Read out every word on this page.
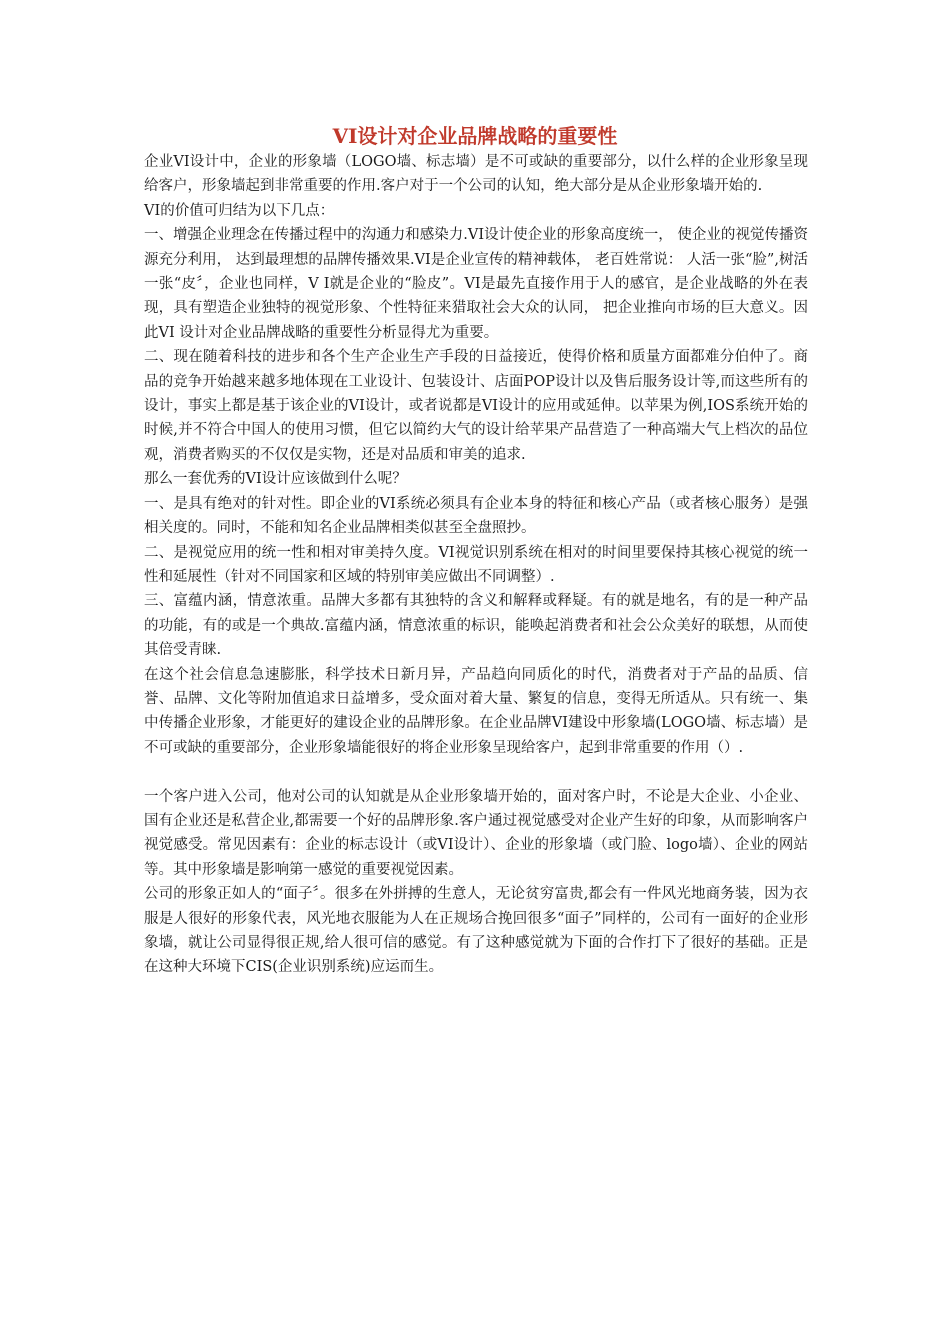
VI设计对企业品牌战略的重要性

企业VI设计中，企业的形象墙（LOGO墙、标志墙）是不可或缺的重要部分，以什么样的企业形象呈现给客户，形象墙起到非常重要的作用.客户对于一个公司的认知，绝大部分是从企业形象墙开始的.

VI的价值可归结为以下几点：

一、增强企业理念在传播过程中的沟通力和感染力.VI设计使企业的形象高度统一， 使企业的视觉传播资源充分利用， 达到最理想的品牌传播效果.VI是企业宣传的精神载体， 老百姓常说： 人活一张“脸”,树活一张“皮〞，企业也同样，V I就是企业的“脸皮”。VI是最先直接作用于人的感官，是企业战略的外在表现，具有塑造企业独特的视觉形象、个性特征来猎取社会大众的认同， 把企业推向市场的巨大意义。因此VI 设计对企业品牌战略的重要性分析显得尤为重要。

二、现在随着科技的进步和各个生产企业生产手段的日益接近，使得价格和质量方面都难分伯仲了。商品的竞争开始越来越多地体现在工业设计、包装设计、店面POP设计以及售后服务设计等,而这些所有的设计，事实上都是基于该企业的VI设计，或者说都是VI设计的应用或延伸。以苹果为例,IOS系统开始的时候,并不符合中国人的使用习惯，但它以简约大气的设计给苹果产品营造了一种高端大气上档次的品位观，消费者购买的不仅仅是实物，还是对品质和审美的追求.

那么一套优秀的VI设计应该做到什么呢？

一、是具有绝对的针对性。即企业的VI系统必须具有企业本身的特征和核心产品（或者核心服务）是强相关度的。同时，不能和知名企业品牌相类似甚至全盘照抄。

二、是视觉应用的统一性和相对审美持久度。VI视觉识别系统在相对的时间里要保持其核心视觉的统一性和延展性（针对不同国家和区域的特别审美应做出不同调整）.

三、富蕴内涵，情意浓重。品牌大多都有其独特的含义和解释或释疑。有的就是地名，有的是一种产品的功能，有的或是一个典故.富蕴内涵，情意浓重的标识，能唤起消费者和社会公众美好的联想，从而使其倍受青睐.

在这个社会信息急速膨胀，科学技术日新月异，产品趋向同质化的时代，消费者对于产品的品质、信誉、品牌、文化等附加值追求日益增多，受众面对着大量、繁复的信息，变得无所适从。只有统一、集中传播企业形象，才能更好的建设企业的品牌形象。在企业品牌VI建设中形象墙(LOGO墙、标志墙）是不可或缺的重要部分，企业形象墙能很好的将企业形象呈现给客户，起到非常重要的作用（）.

一个客户进入公司，他对公司的认知就是从企业形象墙开始的，面对客户时，不论是大企业、小企业、国有企业还是私营企业,都需要一个好的品牌形象.客户通过视觉感受对企业产生好的印象，从而影响客户视觉感受。常见因素有：企业的标志设计（或VI设计）、企业的形象墙（或门脸、logo墙）、企业的网站等。其中形象墙是影响第一感觉的重要视觉因素。

公司的形象正如人的“面子〞。很多在外拼搏的生意人，无论贫穷富贵,都会有一件风光地商务装，因为衣服是人很好的形象代表，风光地衣服能为人在正规场合挽回很多“面子”同样的，公司有一面好的企业形象墙，就让公司显得很正规,给人很可信的感觉。有了这种感觉就为下面的合作打下了很好的基础。正是在这种大环境下CIS(企业识别系统)应运而生。
